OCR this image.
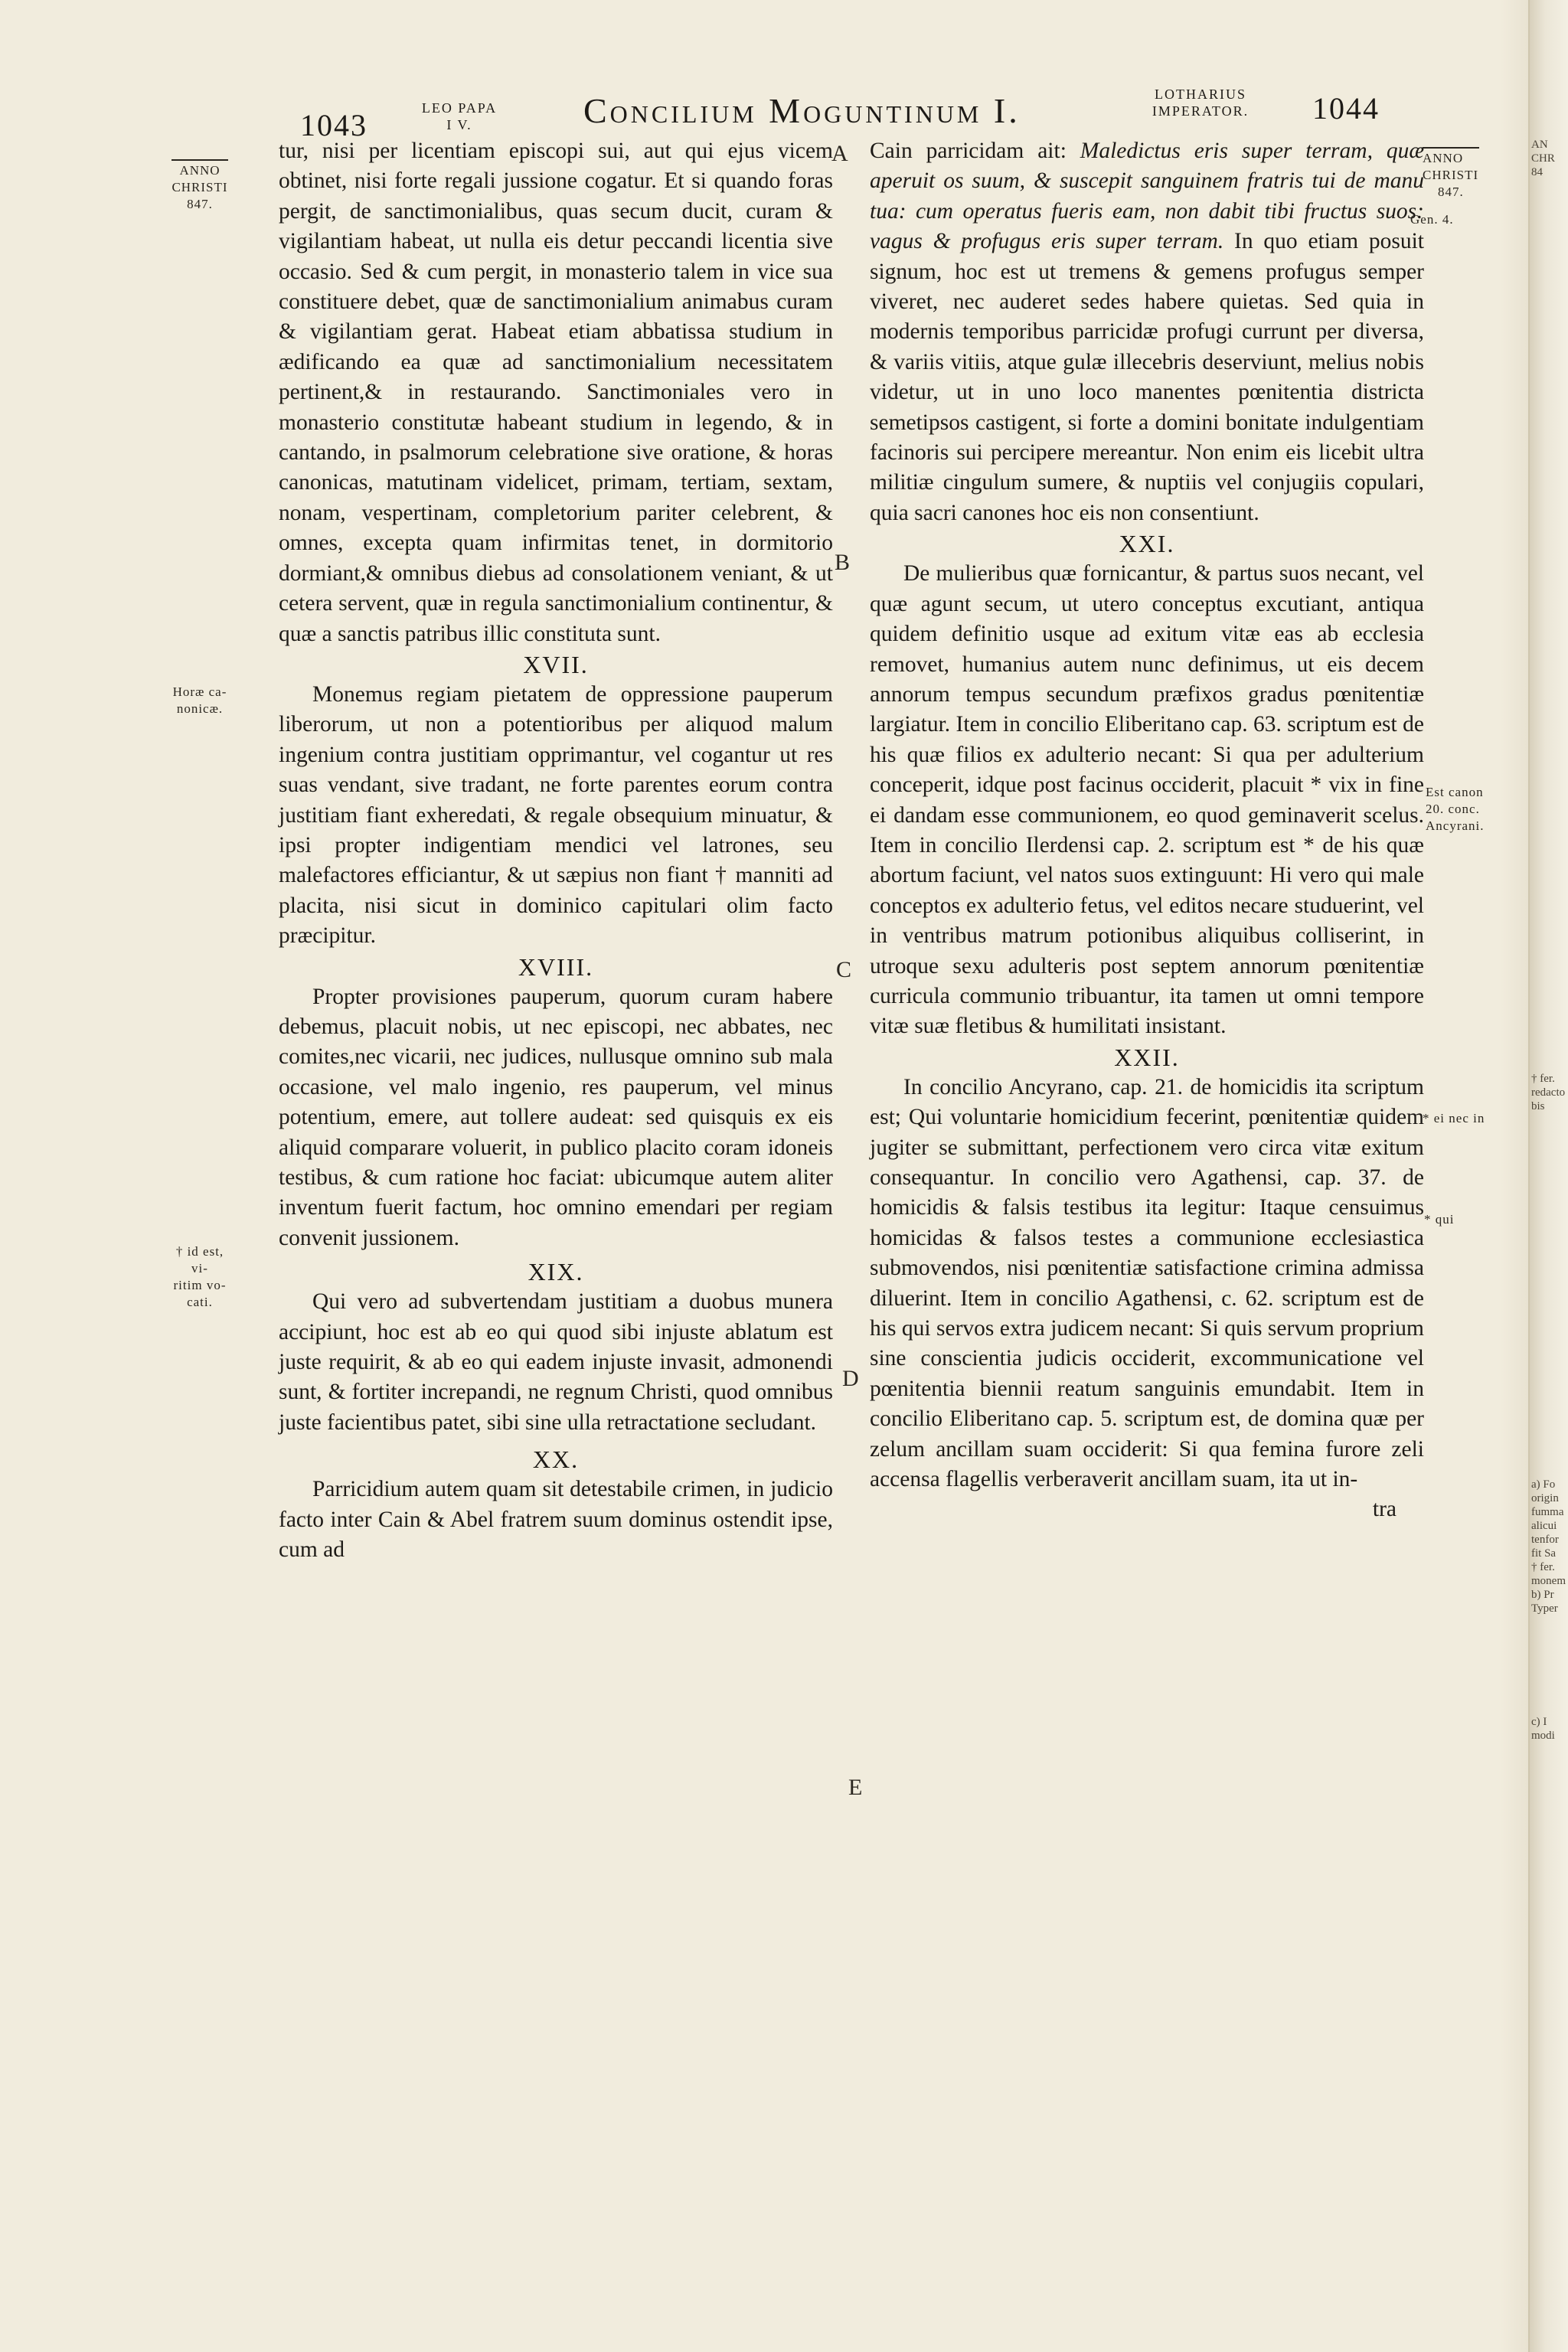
AN
CHR
84
† fer.
redacto
bis
a) Fo
origin
fumma
alicui
tenfor
fit Sa
† fer.
monem
b) Pr
Typer
c) I
modi
1043	LEO PAPA
I V.	Concilium Moguntinum I.	LOTHARIUS
IMPERATOR.	1044
ANNO
CHRISTI
847.
Horæ ca-
nonicæ.
† id est, vi-
ritim vo-
cati.
ANNO
CHRISTI
847.
Gen. 4.
Est canon
20. conc.
Ancyrani.
* ei nec in
* qui
A
B
C
D
E

tur, nisi per licentiam episcopi sui, aut qui ejus vicem obtinet, nisi forte regali jussione cogatur. Et si quando foras pergit, de sanctimonialibus, quas secum ducit, curam & vigilantiam habeat, ut nulla eis detur peccandi licentia sive occasio. Sed & cum pergit, in monasterio talem in vice sua constituere debet, quæ de sanctimonialium animabus curam & vigilantiam gerat. Habeat etiam abbatissa studium in ædificando ea quæ ad sanctimonialium necessitatem pertinent,& in restaurando. Sanctimoniales vero in monasterio constitutæ habeant studium in legendo, & in cantando, in psalmorum celebratione sive oratione, & horas canonicas, matutinam videlicet, primam, tertiam, sextam, nonam, vespertinam, completorium pariter celebrent, & omnes, excepta quam infirmitas tenet, in dormitorio dormiant,& omnibus diebus ad consolationem veniant, & ut cetera servent, quæ in regula sanctimonialium continentur, & quæ a sanctis patribus illic constituta sunt.

XVII.

Monemus regiam pietatem de oppressione pauperum liberorum, ut non a potentioribus per aliquod malum ingenium contra justitiam opprimantur, vel cogantur ut res suas vendant, sive tradant, ne forte parentes eorum contra justitiam fiant exheredati, & regale obsequium minuatur, & ipsi propter indigentiam mendici vel latrones, seu malefactores efficiantur, & ut sæpius non fiant † manniti ad placita, nisi sicut in dominico capitulari olim facto præcipitur.

XVIII.

Propter provisiones pauperum, quorum curam habere debemus, placuit nobis, ut nec episcopi, nec abbates, nec comites,nec vicarii, nec judices, nullusque omnino sub mala occasione, vel malo ingenio, res pauperum, vel minus potentium, emere, aut tollere audeat: sed quisquis ex eis aliquid comparare voluerit, in publico placito coram idoneis testibus, & cum ratione hoc faciat: ubicumque autem aliter inventum fuerit factum, hoc omnino emendari per regiam convenit jussionem.

XIX.

Qui vero ad subvertendam justitiam a duobus munera accipiunt, hoc est ab eo qui quod sibi injuste ablatum est juste requirit, & ab eo qui eadem injuste invasit, admonendi sunt, & fortiter increpandi, ne regnum Christi, quod omnibus juste facientibus patet, sibi sine ulla retractatione secludant.

XX.

Parricidium autem quam sit detestabile crimen, in judicio facto inter Cain & Abel fratrem suum dominus ostendit ipse, cum ad

Cain parricidam ait: Maledictus eris super terram, quæ aperuit os suum, & suscepit sanguinem fratris tui de manu tua: cum operatus fueris eam, non dabit tibi fructus suos: vagus & profugus eris super terram. In quo etiam posuit signum, hoc est ut tremens & gemens profugus semper viveret, nec auderet sedes habere quietas. Sed quia in modernis temporibus parricidæ profugi currunt per diversa, & variis vitiis, atque gulæ illecebris deserviunt, melius nobis videtur, ut in uno loco manentes pœnitentia districta semetipsos castigent, si forte a domini bonitate indulgentiam facinoris sui percipere mereantur. Non enim eis licebit ultra militiæ cingulum sumere, & nuptiis vel conjugiis copulari, quia sacri canones hoc eis non consentiunt.

XXI.

De mulieribus quæ fornicantur, & partus suos necant, vel quæ agunt secum, ut utero conceptus excutiant, antiqua quidem definitio usque ad exitum vitæ eas ab ecclesia removet, humanius autem nunc definimus, ut eis decem annorum tempus secundum præfixos gradus pœnitentiæ largiatur. Item in concilio Eliberitano cap. 63. scriptum est de his quæ filios ex adulterio necant: Si qua per adulterium conceperit, idque post facinus occiderit, placuit * vix in fine ei dandam esse communionem, eo quod geminaverit scelus. Item in concilio Ilerdensi cap. 2. scriptum est * de his quæ abortum faciunt, vel natos suos extinguunt: Hi vero qui male conceptos ex adulterio fetus, vel editos necare studuerint, vel in ventribus matrum potionibus aliquibus colliserint, in utroque sexu adulteris post septem annorum pœnitentiæ curricula communio tribuantur, ita tamen ut omni tempore vitæ suæ fletibus & humilitati insistant.

XXII.

In concilio Ancyrano, cap. 21. de homicidis ita scriptum est; Qui voluntarie homicidium fecerint, pœnitentiæ quidem jugiter se submittant, perfectionem vero circa vitæ exitum consequantur. In concilio vero Agathensi, cap. 37. de homicidis & falsis testibus ita legitur: Itaque censuimus homicidas & falsos testes a communione ecclesiastica submovendos, nisi pœnitentiæ satisfactione crimina admissa diluerint. Item in concilio Agathensi, c. 62. scriptum est de his qui servos extra judicem necant: Si quis servum proprium sine conscientia judicis occiderit, excommunicatione vel pœnitentia biennii reatum sanguinis emundabit. Item in concilio Eliberitano cap. 5. scriptum est, de domina quæ per zelum ancillam suam occiderit: Si qua femina furore zeli accensa flagellis verberaverit ancillam suam, ita ut in-

tra
